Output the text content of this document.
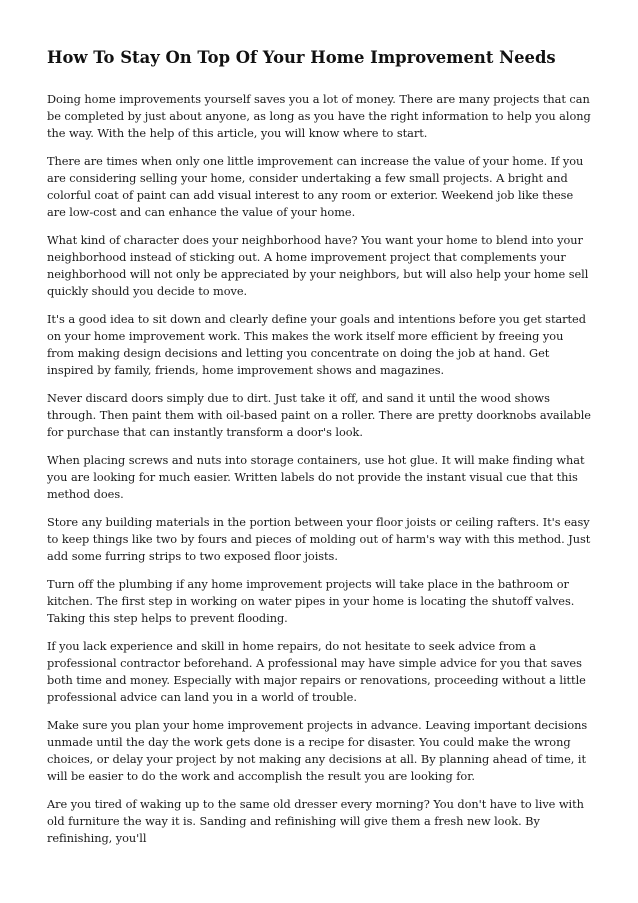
How To Stay On Top Of Your Home Improvement Needs

Doing home improvements yourself saves you a lot of money. There are many projects that can be completed by just about anyone, as long as you have the right information to help you along the way. With the help of this article, you will know where to start.

There are times when only one little improvement can increase the value of your home. If you are considering selling your home, consider undertaking a few small projects. A bright and colorful coat of paint can add visual interest to any room or exterior. Weekend job like these are low-cost and can enhance the value of your home.

What kind of character does your neighborhood have? You want your home to blend into your neighborhood instead of sticking out. A home improvement project that complements your neighborhood will not only be appreciated by your neighbors, but will also help your home sell quickly should you decide to move.

It's a good idea to sit down and clearly define your goals and intentions before you get started on your home improvement work. This makes the work itself more efficient by freeing you from making design decisions and letting you concentrate on doing the job at hand. Get inspired by family, friends, home improvement shows and magazines.

Never discard doors simply due to dirt. Just take it off, and sand it until the wood shows through. Then paint them with oil-based paint on a roller. There are pretty doorknobs available for purchase that can instantly transform a door's look.

When placing screws and nuts into storage containers, use hot glue. It will make finding what you are looking for much easier. Written labels do not provide the instant visual cue that this method does.

Store any building materials in the portion between your floor joists or ceiling rafters. It's easy to keep things like two by fours and pieces of molding out of harm's way with this method. Just add some furring strips to two exposed floor joists.

Turn off the plumbing if any home improvement projects will take place in the bathroom or kitchen. The first step in working on water pipes in your home is locating the shutoff valves. Taking this step helps to prevent flooding.

If you lack experience and skill in home repairs, do not hesitate to seek advice from a professional contractor beforehand. A professional may have simple advice for you that saves both time and money. Especially with major repairs or renovations, proceeding without a little professional advice can land you in a world of trouble.

Make sure you plan your home improvement projects in advance. Leaving important decisions unmade until the day the work gets done is a recipe for disaster. You could make the wrong choices, or delay your project by not making any decisions at all. By planning ahead of time, it will be easier to do the work and accomplish the result you are looking for.

Are you tired of waking up to the same old dresser every morning? You don't have to live with old furniture the way it is. Sanding and refinishing will give them a fresh new look. By refinishing, you'll
